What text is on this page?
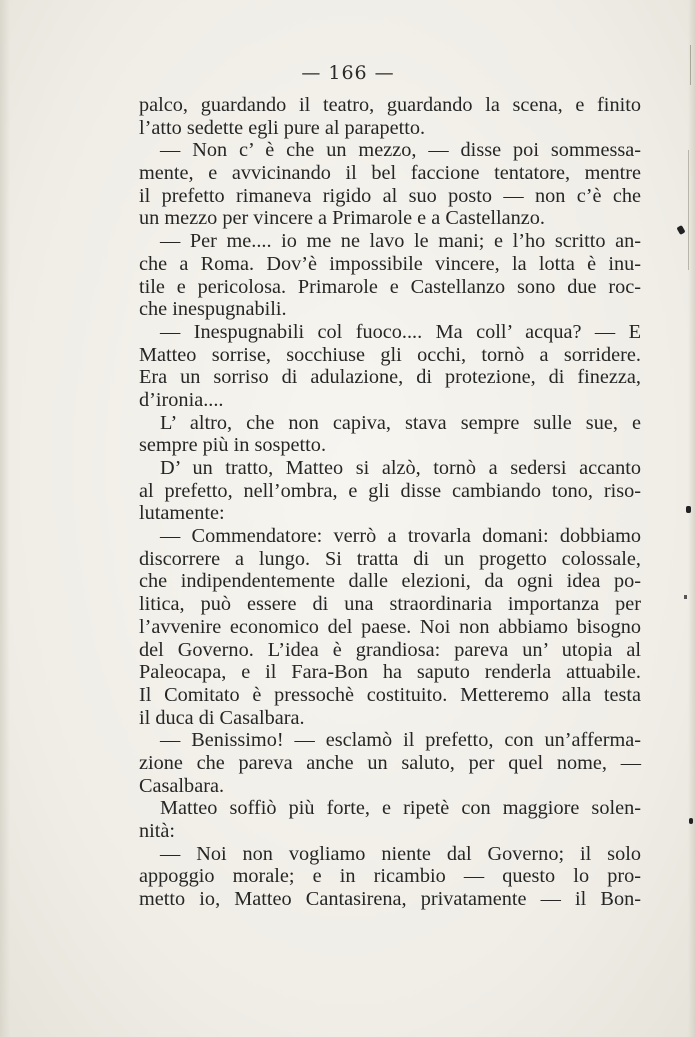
— 166 —
palco, guardando il teatro, guardando la scena, e finito
l’atto sedette egli pure al parapetto.
— Non c’ è che un mezzo, — disse poi sommessa-
mente, e avvicinando il bel faccione tentatore, mentre
il prefetto rimaneva rigido al suo posto — non c’è che
un mezzo per vincere a Primarole e a Castellanzo.
— Per me.... io me ne lavo le mani; e l’ho scritto an-
che a Roma. Dov’è impossibile vincere, la lotta è inu-
tile e pericolosa. Primarole e Castellanzo sono due roc-
che inespugnabili.
— Inespugnabili col fuoco.... Ma coll’ acqua? — E
Matteo sorrise, socchiuse gli occhi, tornò a sorridere.
Era un sorriso di adulazione, di protezione, di finezza,
d’ironia....
L’ altro, che non capiva, stava sempre sulle sue, e
sempre più in sospetto.
D’ un tratto, Matteo si alzò, tornò a sedersi accanto
al prefetto, nell’ombra, e gli disse cambiando tono, riso-
lutamente:
— Commendatore: verrò a trovarla domani: dobbiamo
discorrere a lungo. Si tratta di un progetto colossale,
che indipendentemente dalle elezioni, da ogni idea po-
litica, può essere di una straordinaria importanza per
l’avvenire economico del paese. Noi non abbiamo bisogno
del Governo. L’idea è grandiosa: pareva un’ utopia al
Paleocapa, e il Fara-Bon ha saputo renderla attuabile.
Il Comitato è pressochè costituito. Metteremo alla testa
il duca di Casalbara.
— Benissimo! — esclamò il prefetto, con un’afferma-
zione che pareva anche un saluto, per quel nome, —
Casalbara.
Matteo soffiò più forte, e ripetè con maggiore solen-
nità:
— Noi non vogliamo niente dal Governo; il solo
appoggio morale; e in ricambio — questo lo pro-
metto io, Matteo Cantasirena, privatamente — il Bon-
